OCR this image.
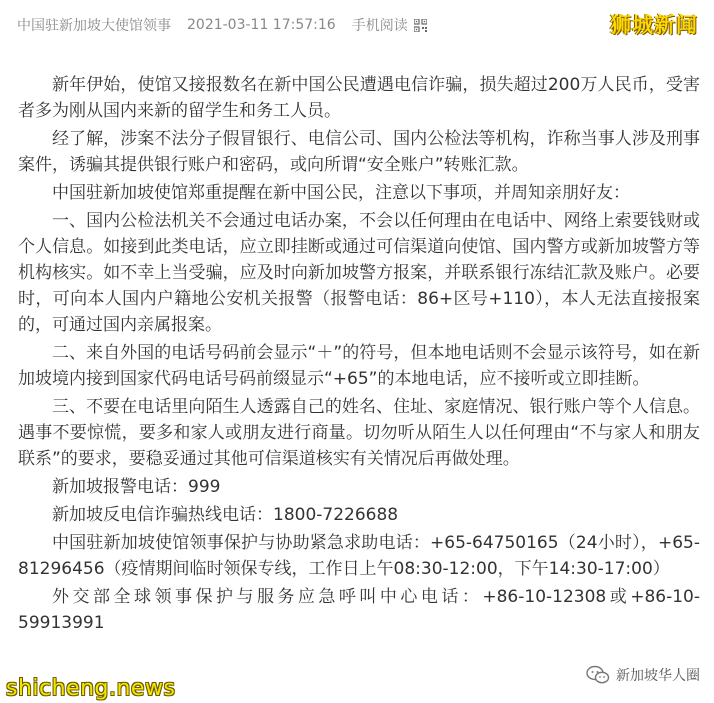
中国驻新加坡大使馆领事 2021-03-11 17:57:16 手机阅读	狮城新闻

新年伊始，使馆又接报数名在新中国公民遭遇电信诈骗，损失超过200万人民币，受害者多为刚从国内来新的留学生和务工人员。

经了解，涉案不法分子假冒银行、电信公司、国内公检法等机构，诈称当事人涉及刑事案件，诱骗其提供银行账户和密码，或向所谓“安全账户”转账汇款。

中国驻新加坡使馆郑重提醒在新中国公民，注意以下事项，并周知亲朋好友：

一、国内公检法机关不会通过电话办案，不会以任何理由在电话中、网络上索要钱财或个人信息。如接到此类电话，应立即挂断或通过可信渠道向使馆、国内警方或新加坡警方等机构核实。如不幸上当受骗，应及时向新加坡警方报案，并联系银行冻结汇款及账户。必要时，可向本人国内户籍地公安机关报警（报警电话：86+区号+110），本人无法直接报案的，可通过国内亲属报案。

二、来自外国的电话号码前会显示“＋”的符号，但本地电话则不会显示该符号，如在新加坡境内接到国家代码电话号码前缀显示“+65”的本地电话，应不接听或立即挂断。

三、不要在电话里向陌生人透露自己的姓名、住址、家庭情况、银行账户等个人信息。遇事不要惊慌，要多和家人或朋友进行商量。切勿听从陌生人以任何理由“不与家人和朋友联系”的要求，要稳妥通过其他可信渠道核实有关情况后再做处理。

新加坡报警电话：999

新加坡反电信诈骗热线电话：1800-7226688

中国驻新加坡使馆领事保护与协助紧急求助电话：+65-64750165（24小时），+65-81296456（疫情期间临时领保专线，工作日上午08:30-12:00，下午14:30-17:00）

外交部全球领事保护与服务应急呼叫中心电话：+86-10-12308或+86-10-59913991

新加坡华人圈
shicheng.news
